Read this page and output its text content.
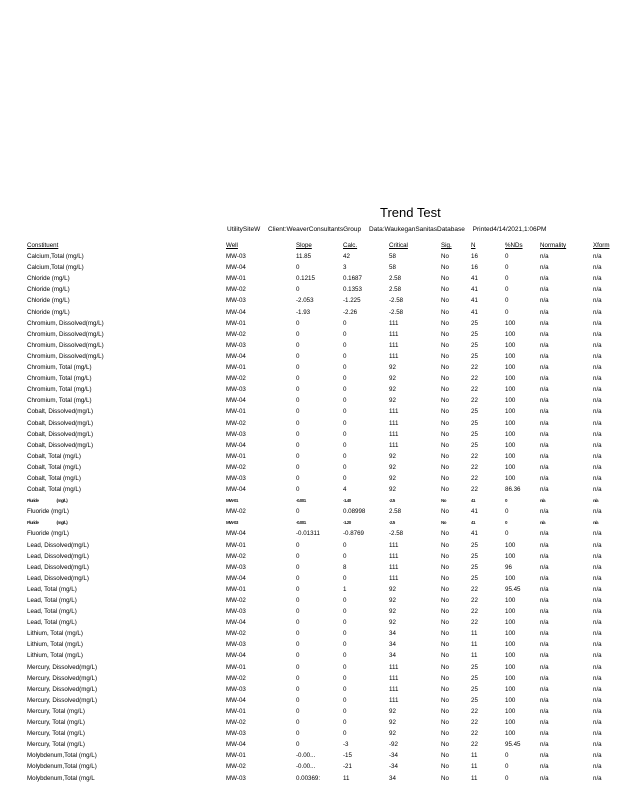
Trend Test
UtilitySiteW Client:WeaverConsultantsGroup Data:WaukeganSanitasDatabase Printed4/14/2021,1:06PM
Constituent	Well	Slope	Calc.	Critical	Sig.	N	%NDs	Normality	Xform
Calcium,Total (mg/L)	MW-03	11.85	42	58	No	16	0	n/a	n/a
Calcium,Total (mg/L)	MW-04	0	3	58	No	16	0	n/a	n/a
Chloride (mg/L)	MW-01	0.1215	0.1687	2.58	No	41	0	n/a	n/a
Chloride (mg/L)	MW-02	0	0.1353	2.58	No	41	0	n/a	n/a
Chloride (mg/L)	MW-03	-2.053	-1.225	-2.58	No	41	0	n/a	n/a
Chloride (mg/L)	MW-04	-1.93	-2.26	-2.58	No	41	0	n/a	n/a
Chromium, Dissolved(mg/L)	MW-01	0	0	111	No	25	100	n/a	n/a
Chromium, Dissolved(mg/L)	MW-02	0	0	111	No	25	100	n/a	n/a
Chromium, Dissolved(mg/L)	MW-03	0	0	111	No	25	100	n/a	n/a
Chromium, Dissolved(mg/L)	MW-04	0	0	111	No	25	100	n/a	n/a
Chromium, Total (mg/L)	MW-01	0	0	92	No	22	100	n/a	n/a
Chromium, Total (mg/L)	MW-02	0	0	92	No	22	100	n/a	n/a
Chromium, Total (mg/L)	MW-03	0	0	92	No	22	100	n/a	n/a
Chromium, Total (mg/L)	MW-04	0	0	92	No	22	100	n/a	n/a
Cobalt, Dissolved(mg/L)	MW-01	0	0	111	No	25	100	n/a	n/a
Cobalt, Dissolved(mg/L)	MW-02	0	0	111	No	25	100	n/a	n/a
Cobalt, Dissolved(mg/L)	MW-03	0	0	111	No	25	100	n/a	n/a
Cobalt, Dissolved(mg/L)	MW-04	0	0	111	No	25	100	n/a	n/a
Cobalt, Total (mg/L)	MW-01	0	0	92	No	22	100	n/a	n/a
Cobalt, Total (mg/L)	MW-02	0	0	92	No	22	100	n/a	n/a
Cobalt, Total (mg/L)	MW-03	0	0	92	No	22	100	n/a	n/a
Cobalt, Total (mg/L)	MW-04	0	4	92	No	22	86.36	n/a	n/a
Fluride (mg/L)	MW-01	-0.001	-1.40	-2.5	No	41	0	n/a	n/a
Fluoride (mg/L)	MW-02	0	0.08998	2.58	No	41	0	n/a	n/a
Fluride (mg/L)	MW-03	-0.001	-1.20	-2.5	No	41	0	n/a	n/a
Fluoride (mg/L)	MW-04	-0.01311	-0.8769	-2.58	No	41	0	n/a	n/a
Lead, Dissolved(mg/L)	MW-01	0	0	111	No	25	100	n/a	n/a
Lead, Dissolved(mg/L)	MW-02	0	0	111	No	25	100	n/a	n/a
Lead, Dissolved(mg/L)	MW-03	0	8	111	No	25	96	n/a	n/a
Lead, Dissolved(mg/L)	MW-04	0	0	111	No	25	100	n/a	n/a
Lead, Total (mg/L)	MW-01	0	1	92	No	22	95.45	n/a	n/a
Lead, Total (mg/L)	MW-02	0	0	92	No	22	100	n/a	n/a
Lead, Total (mg/L)	MW-03	0	0	92	No	22	100	n/a	n/a
Lead, Total (mg/L)	MW-04	0	0	92	No	22	100	n/a	n/a
Lithium, Total (mg/L)	MW-02	0	0	34	No	11	100	n/a	n/a
Lithium, Total (mg/L)	MW-03	0	0	34	No	11	100	n/a	n/a
Lithium, Total (mg/L)	MW-04	0	0	34	No	11	100	n/a	n/a
Mercury, Dissolved(mg/L)	MW-01	0	0	111	No	25	100	n/a	n/a
Mercury, Dissolved(mg/L)	MW-02	0	0	111	No	25	100	n/a	n/a
Mercury, Dissolved(mg/L)	MW-03	0	0	111	No	25	100	n/a	n/a
Mercury, Dissolved(mg/L)	MW-04	0	0	111	No	25	100	n/a	n/a
Mercury, Total (mg/L)	MW-01	0	0	92	No	22	100	n/a	n/a
Mercury, Total (mg/L)	MW-02	0	0	92	No	22	100	n/a	n/a
Mercury, Total (mg/L)	MW-03	0	0	92	No	22	100	n/a	n/a
Mercury, Total (mg/L)	MW-04	0	-3	-92	No	22	95.45	n/a	n/a
Molybdenum,Total (mg/L)	MW-01	-0.00...	-15	-34	No	11	0	n/a	n/a
Molybdenum,Total (mg/L)	MW-02	-0.00...	-21	-34	No	11	0	n/a	n/a
Molybdenum,Total (mg/L	MW-03	0.00369:	11	34	No	11	0	n/a	n/a
